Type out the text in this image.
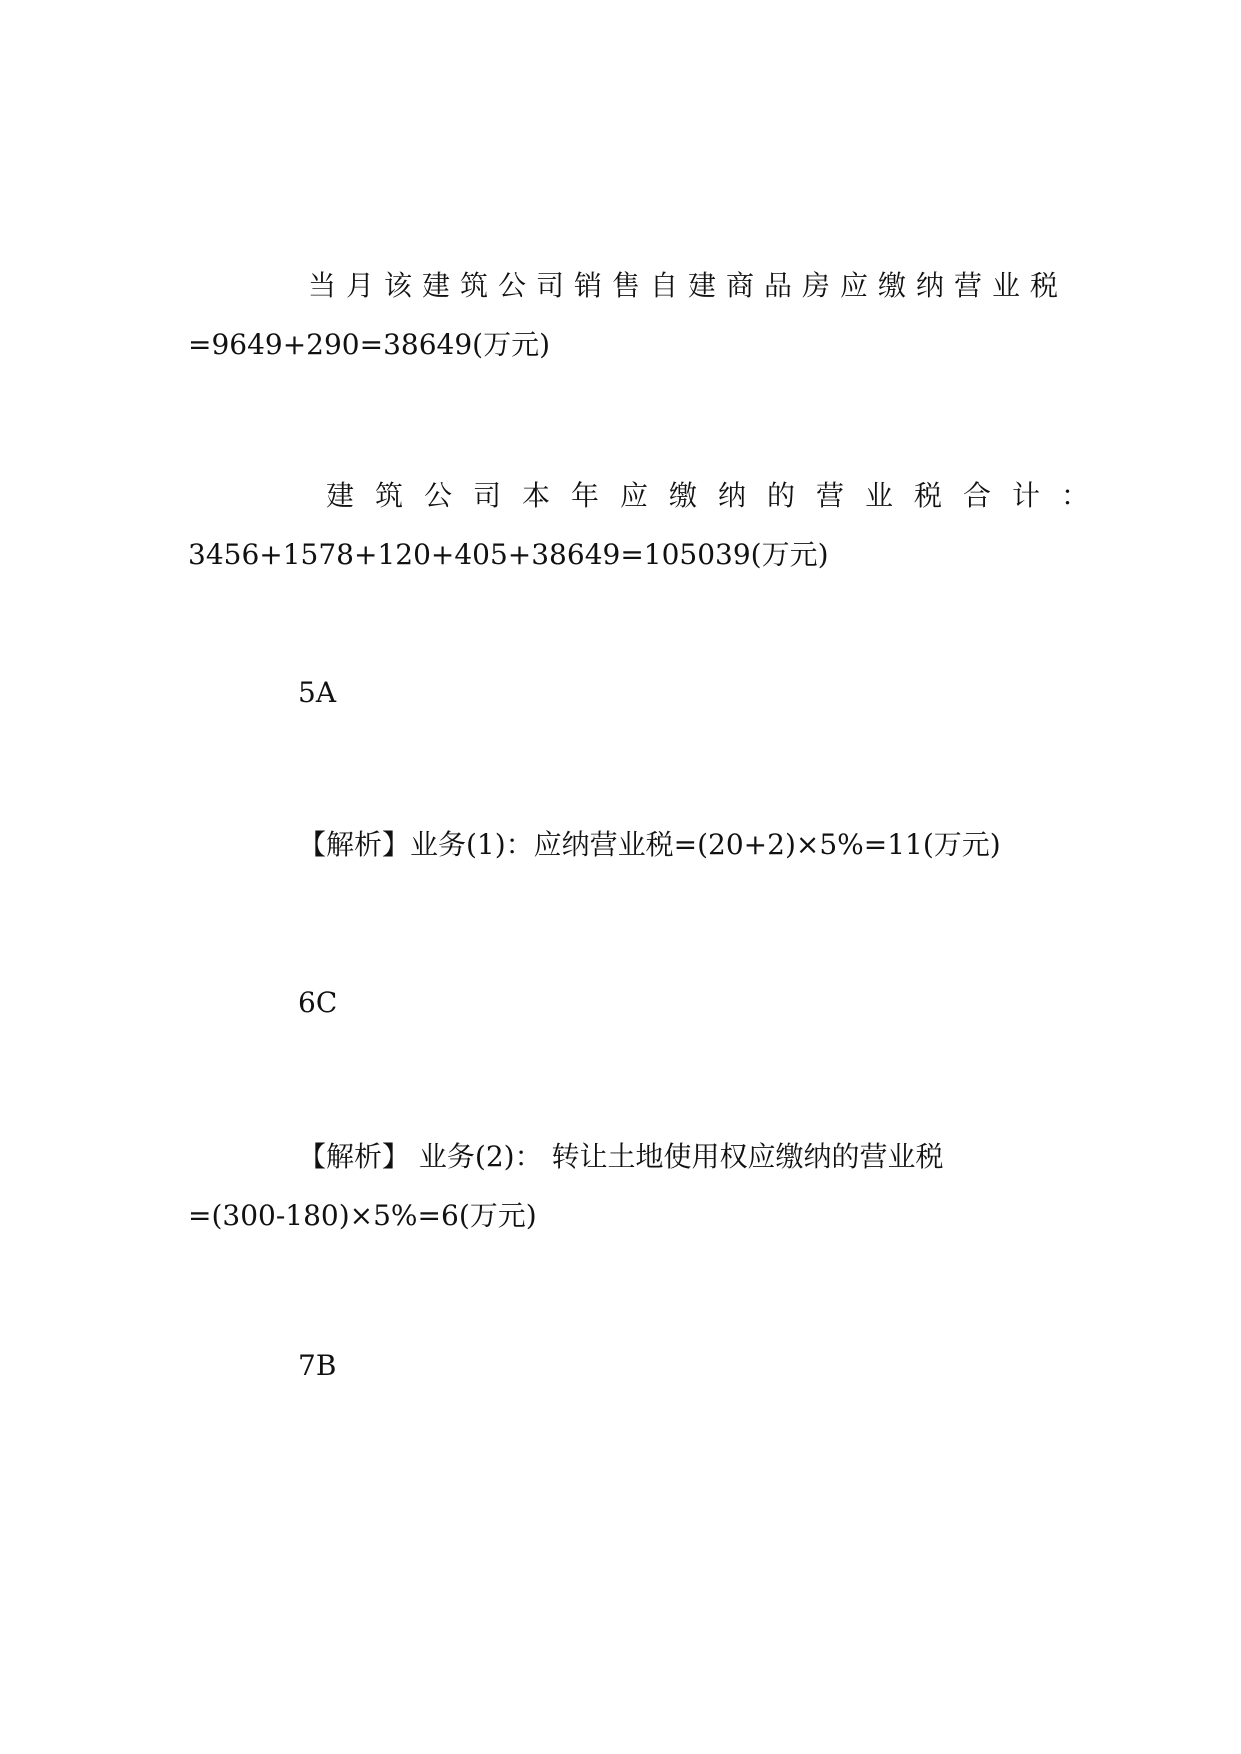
当月该建筑公司销售自建商品房应缴纳营业税
=9649+290=38649(万元)

建筑公司本年应缴纳的营业税合计：
3456+1578+120+405+38649=105039(万元)

5A

【解析】业务(1)：应纳营业税=(20+2)×5%=11(万元)

6C

【解析】 业务(2)： 转让土地使用权应缴纳的营业税
=(300-180)×5%=6(万元)

7B
